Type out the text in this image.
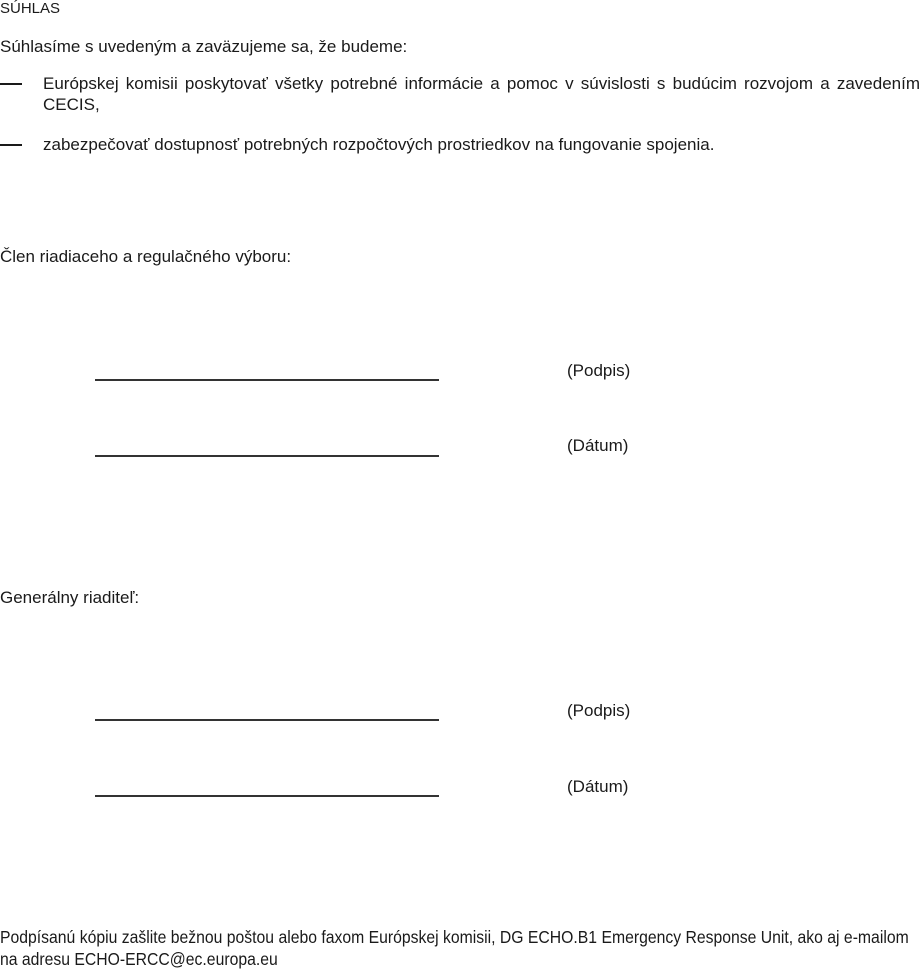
SÚHLAS
Súhlasíme s uvedeným a zaväzujeme sa, že budeme:
Európskej komisii poskytovať všetky potrebné informácie a pomoc v súvislosti s budúcim rozvojom a zavedením CECIS,
zabezpečovať dostupnosť potrebných rozpočtových prostriedkov na fungovanie spojenia.
Člen riadiaceho a regulačného výboru:
(Podpis)
(Dátum)
Generálny riaditeľ:
(Podpis)
(Dátum)
Podpísanú kópiu zašlite bežnou poštou alebo faxom Európskej komisii, DG ECHO.B1 Emergency Response Unit, ako aj e-mailom na adresu ECHO-ERCC@ec.europa.eu
